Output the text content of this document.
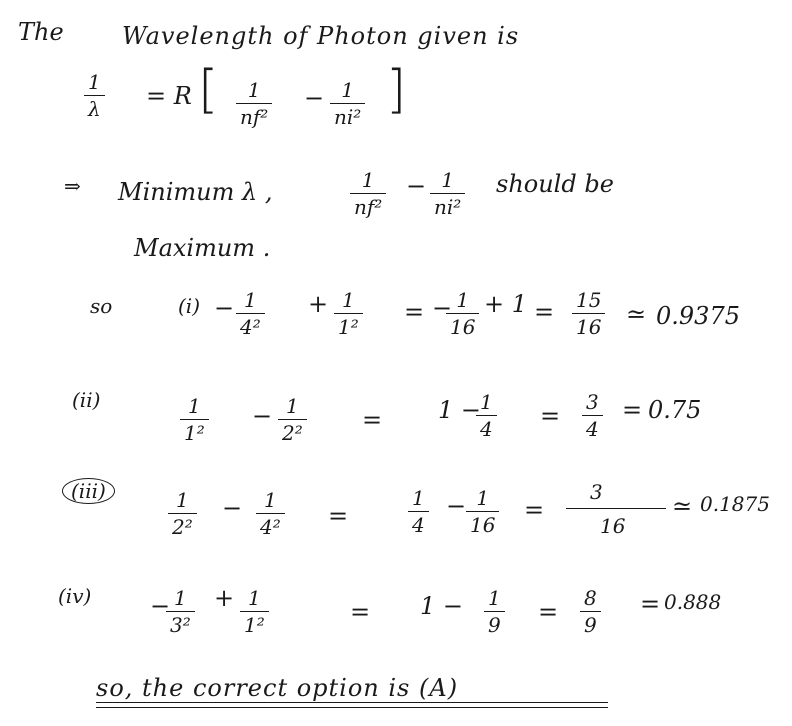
The Wavelength of Photon given is
$\frac{1}{\lambda} = R$ [ $\frac{1}{\text{nf²}} - \frac{1}{\text{ni²}}$ ]
⇒ Minimum λ ,	$\frac{1}{\text{nf²}} - \frac{1}{\text{ni²}}$ should be
Maximum .
so	$(i) - \frac{1}{\text{4²}} + \frac{1}{\text{1²}}$ = −
$\frac{1}{16} + 1 = \frac{15}{16}$ ≃ 0.9375
(ii)	$\frac{1}{\text{1²}} - \frac{1}{\text{2²}} = 1$ −
$\frac{1}{4} = \frac{3}{4} = 0.75$
(iii)	$\frac{1}{\text{2²}} - \frac{1}{\text{4²}}$ =	$\frac{1}{4} - \frac{1}{16}$ =
3
16
≃ 0.1875
(iv) −
$\frac{1}{\text{3²}} + \frac{1}{\text{1²}}$	= $1 - \frac{1}{9} = \frac{8}{9} = 0.888$
so, the correct option is (A)
